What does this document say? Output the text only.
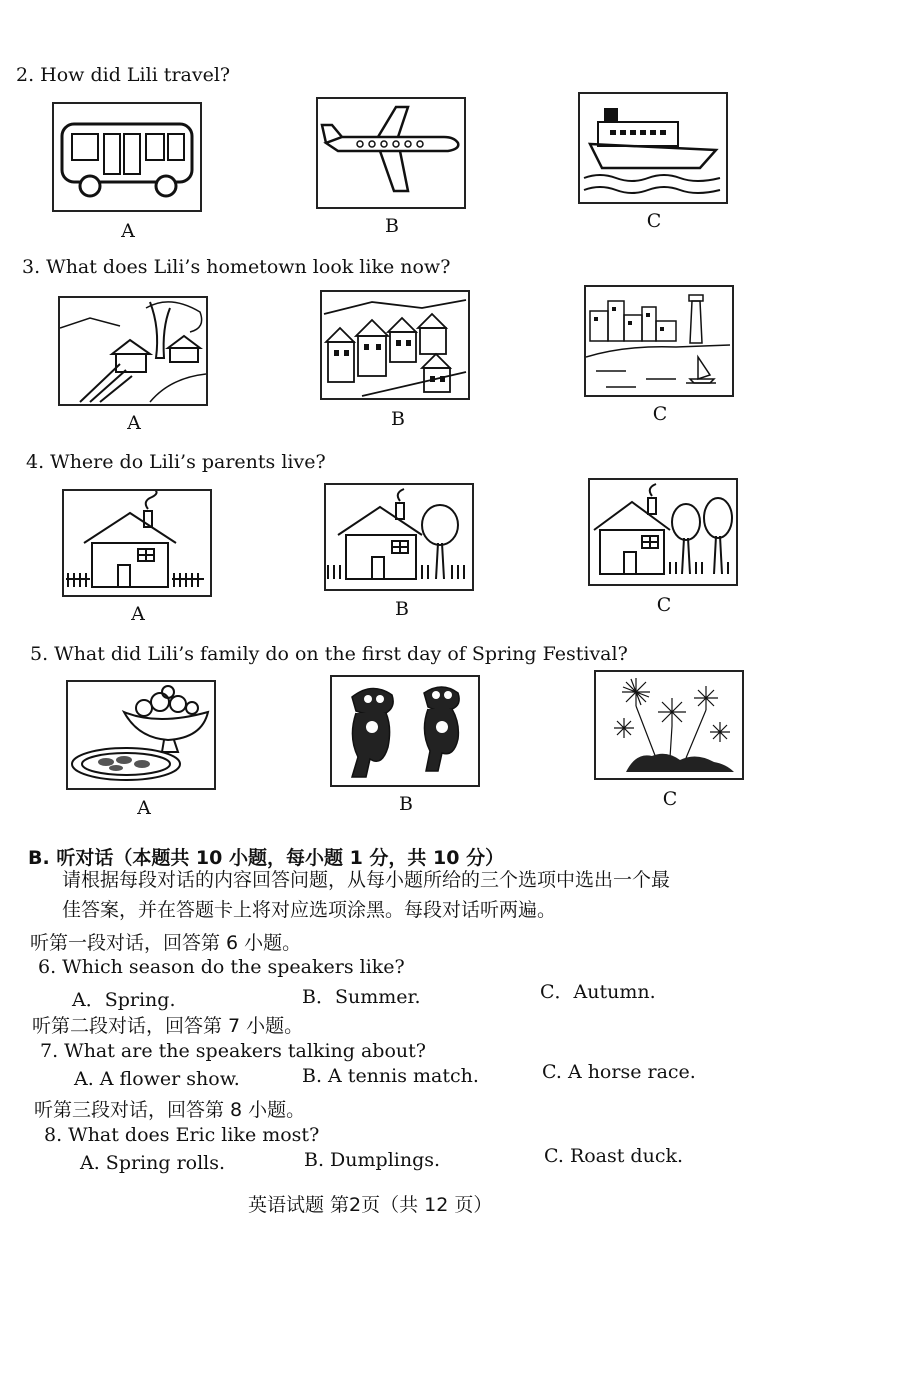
2. How did Lili travel?
A	B	C
3. What does Lili’s hometown look like now?
A	B	C
4. Where do Lili’s parents live?
A	B	C
5. What did Lili’s family do on the first day of Spring Festival?
A	B	C
B. 听对话（本题共 10 小题，每小题 1 分，共 10 分）
请根据每段对话的内容回答问题，从每小题所给的三个选项中选出一个最
佳答案，并在答题卡上将对应选项涂黑。每段对话听两遍。
听第一段对话，回答第 6 小题。
6. Which season do the speakers like?
A．Spring.	B．Summer.	C．Autumn.
听第二段对话，回答第 7 小题。
7. What are the speakers talking about?
A. A flower show.	B. A tennis match.	C. A horse race.
听第三段对话，回答第 8 小题。
8. What does Eric like most?
A. Spring rolls.	B. Dumplings.	C. Roast duck.
英语试题 第2页（共 12 页）
